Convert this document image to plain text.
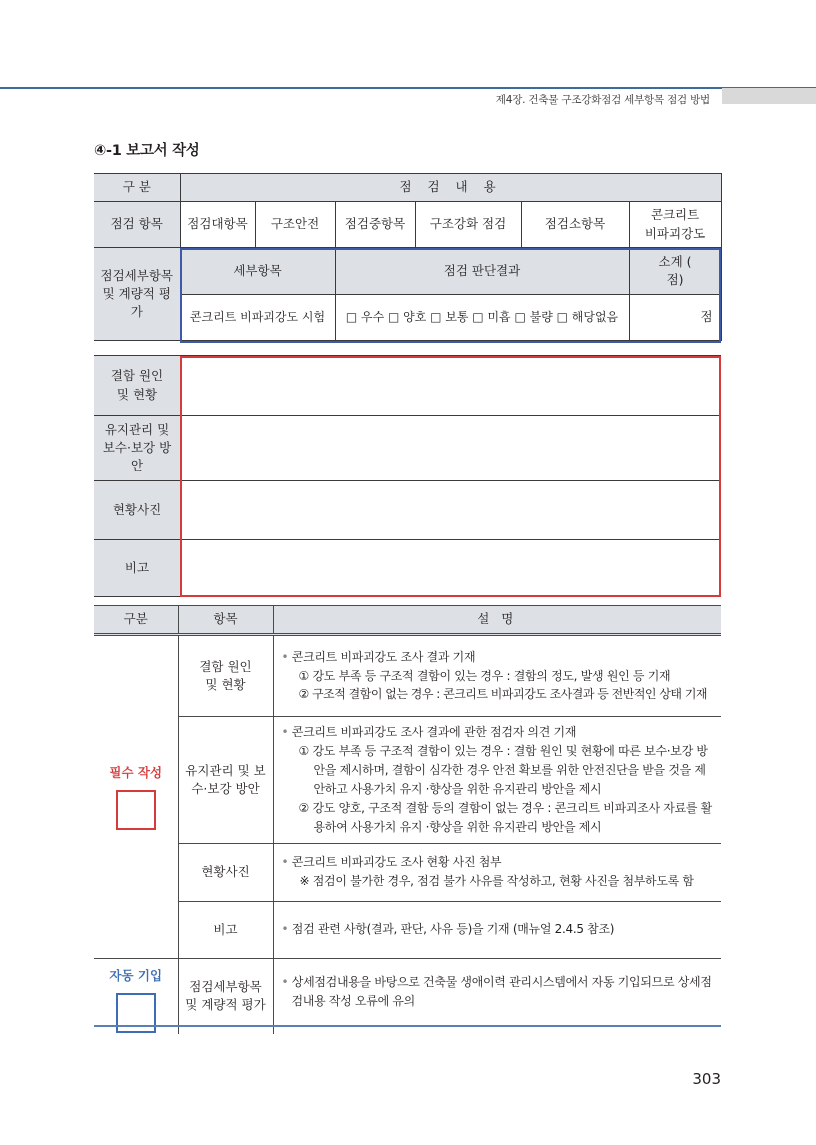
제4장. 건축물 구조강화점검 세부항목 점검 방법
④-1 보고서 작성
구 분	점 검 내 용					
점검 항목	점검대항목	구조안전	점검중항목	구조강화 점검	점검소항목	콘크리트 비파괴강도
점검세부항목 및 계량적 평가	세부항목		점검 판단결과			소계 ( 점)
	콘크리트 비파괴강도 시험		□ 우수 □ 양호 □ 보통 □ 미흡 □ 불량 □ 해당없음			점
결함 원인 및 현황	
유지관리 및 보수·보강 방안	
현황사진	
비고	
구분	항목	설 명
필수 작성	결함 원인 및 현황	• 콘크리트 비파괴강도 조사 결과 기재
① 강도 부족 등 구조적 결함이 있는 경우 : 결함의 정도, 발생 원인 등 기재
② 구조적 결함이 없는 경우 : 콘크리트 비파괴강도 조사결과 등 전반적인 상태 기재

	유지관리 및 보수·보강 방안	• 콘크리트 비파괴강도 조사 결과에 관한 점검자 의견 기재
① 강도 부족 등 구조적 결함이 있는 경우 : 결함 원인 및 현황에 따른 보수·보강 방안을 제시하며, 결함이 심각한 경우 안전 확보를 위한 안전진단을 받을 것을 제안하고 사용가치 유지 ·향상을 위한 유지관리 방안을 제시
② 강도 양호, 구조적 결함 등의 결함이 없는 경우 : 콘크리트 비파괴조사 자료를 활용하여 사용가치 유지 ·향상을 위한 유지관리 방안을 제시

	현황사진	• 콘크리트 비파괴강도 조사 현황 사진 첨부
※ 점검이 불가한 경우, 점검 불가 사유를 작성하고, 현황 사진을 첨부하도록 함

	비고	• 점검 관련 사항(결과, 판단, 사유 등)을 기재 (매뉴얼 2.4.5 참조)

자동 기입	점검세부항목 및 계량적 평가	• 상세점검내용을 바탕으로 건축물 생애이력 관리시스템에서 자동 기입되므로 상세점검내용 작성 오류에 유의
303
